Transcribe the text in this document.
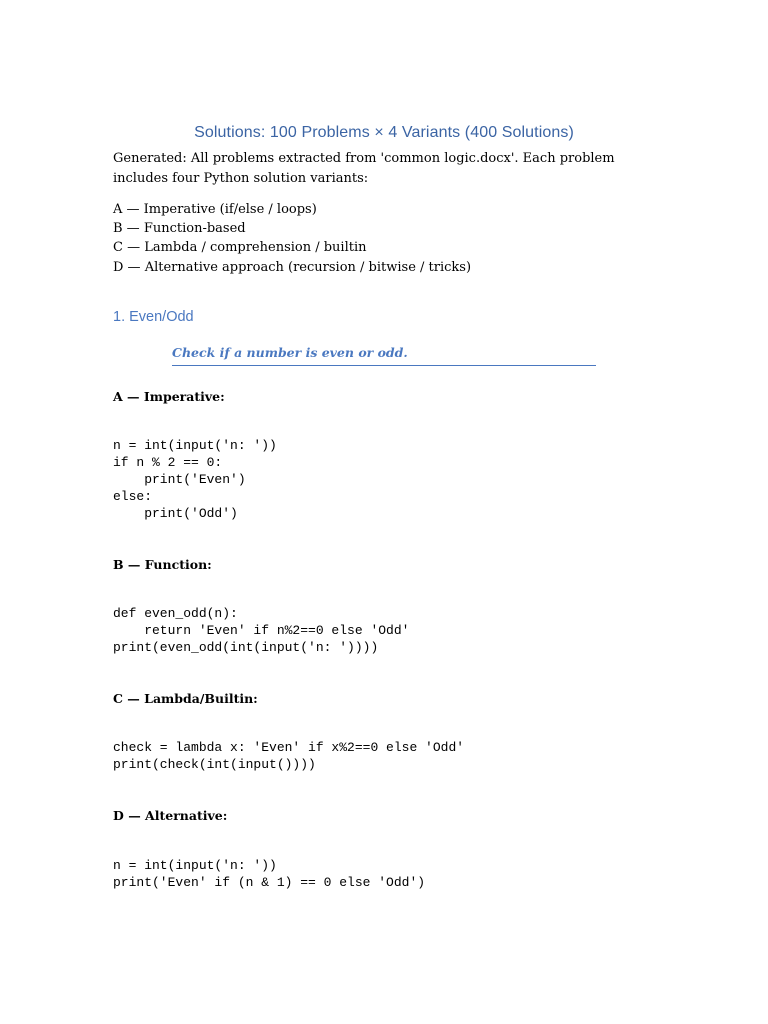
Solutions: 100 Problems × 4 Variants (400 Solutions)

Generated: All problems extracted from 'common logic.docx'. Each problem includes four Python solution variants:

A — Imperative (if/else / loops)
B — Function-based
C — Lambda / comprehension / builtin
D — Alternative approach (recursion / bitwise / tricks)
1. Even/Odd

Check if a number is even or odd.

A — Imperative:

n = int(input('n: '))
if n % 2 == 0:
print('Even')
else:
print('Odd')

B — Function:

def even_odd(n):
return 'Even' if n%2==0 else 'Odd'
print(even_odd(int(input('n: '))))

C — Lambda/Builtin:

check = lambda x: 'Even' if x%2==0 else 'Odd'
print(check(int(input())))

D — Alternative:

n = int(input('n: '))
print('Even' if (n & 1) == 0 else 'Odd')
